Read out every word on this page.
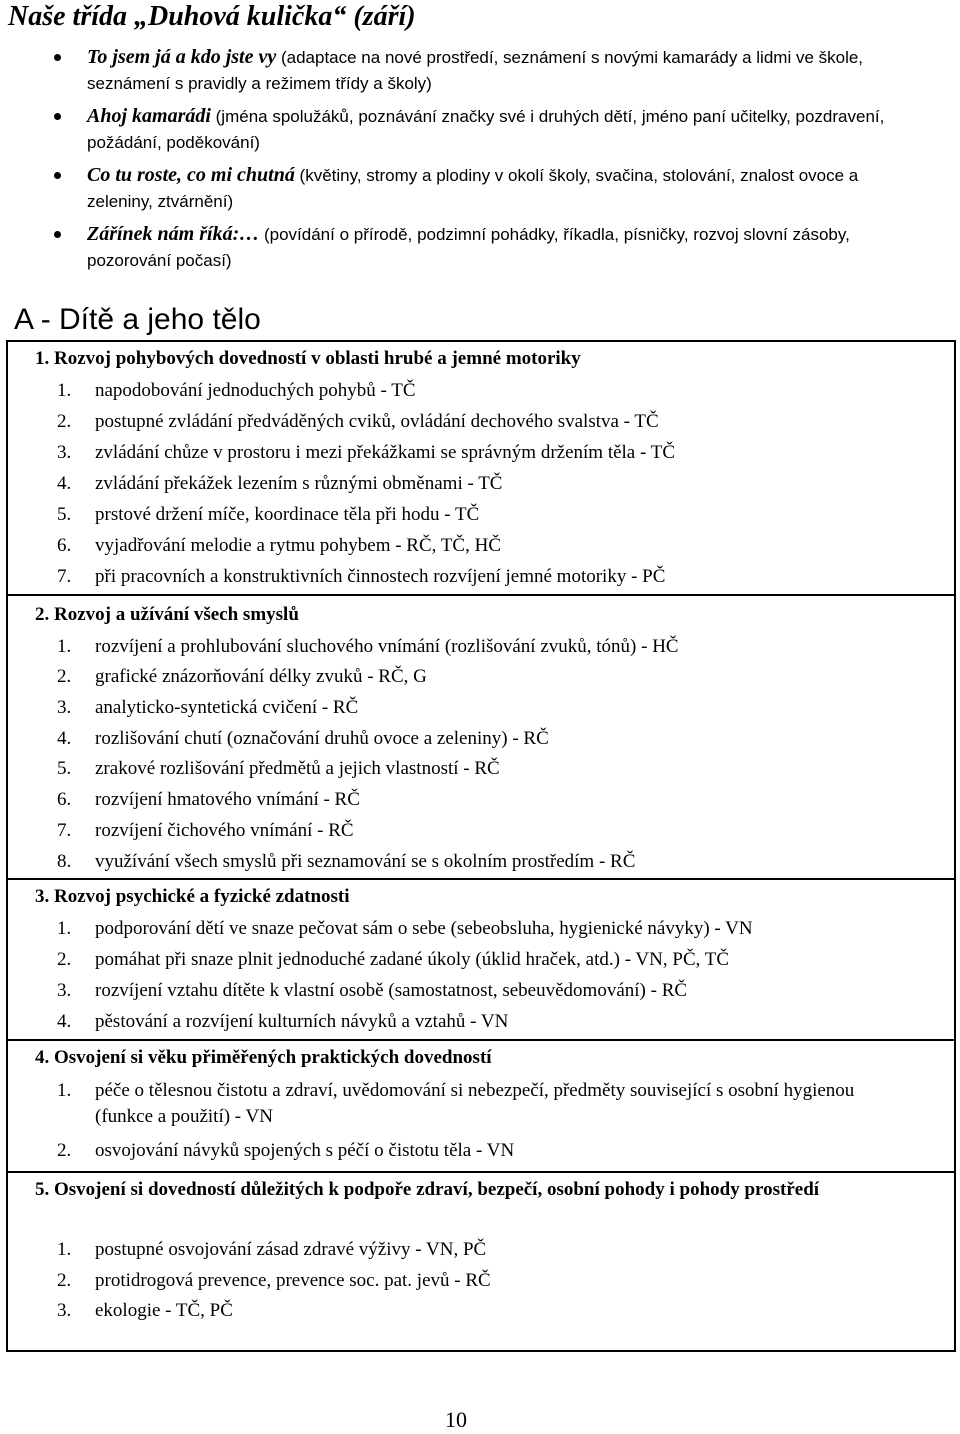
Naše třída „Duhová kulička“ (září)
To jsem já a kdo jste vy (adaptace na nové prostředí, seznámení s novými kamarády a lidmi ve škole, seznámení s pravidly a režimem třídy a školy)
Ahoj kamarádi (jména spolužáků, poznávání značky své i druhých dětí, jméno paní učitelky, pozdravení, požádání, poděkování)
Co tu roste, co mi chutná (květiny, stromy a plodiny v okolí školy, svačina, stolování, znalost ovoce a zeleniny, ztvárnění)
Zářínek nám říká:… (povídání o přírodě, podzimní pohádky, říkadla, písničky, rozvoj slovní zásoby, pozorování počasí)
A - Dítě a jeho tělo
1. Rozvoj pohybových dovedností v oblasti hrubé a jemné motoriky
1. napodobování jednoduchých pohybů - TČ
2. postupné zvládání předváděných cviků, ovládání dechového svalstva - TČ
3. zvládání chůze v prostoru i mezi překážkami se správným držením těla - TČ
4. zvládání překážek lezením s různými obměnami - TČ
5. prstové držení míče, koordinace těla při hodu - TČ
6. vyjadřování melodie a rytmu pohybem - RČ, TČ, HČ
7. při pracovních a konstruktivních činnostech rozvíjení jemné motoriky - PČ
2. Rozvoj a užívání všech smyslů
1. rozvíjení a prohlubování sluchového vnímání (rozlišování zvuků, tónů) - HČ
2. grafické znázorňování délky zvuků - RČ, G
3. analyticko-syntetická cvičení - RČ
4. rozlišování chutí (označování druhů ovoce a zeleniny) - RČ
5. zrakové rozlišování předmětů a jejich vlastností - RČ
6. rozvíjení hmatového vnímání - RČ
7. rozvíjení čichového vnímání - RČ
8. využívání všech smyslů při seznamování se s okolním prostředím - RČ
3. Rozvoj psychické a fyzické zdatnosti
1. podporování dětí ve snaze pečovat sám o sebe (sebeobsluha, hygienické návyky) - VN
2. pomáhat při snaze plnit jednoduché zadané úkoly (úklid hraček, atd.) - VN, PČ, TČ
3. rozvíjení vztahu dítěte k vlastní osobě (samostatnost, sebeuvědomování) - RČ
4. pěstování a rozvíjení kulturních návyků a vztahů - VN
4. Osvojení si věku přiměřených praktických dovedností
1. péče o tělesnou čistotu a zdraví, uvědomování si nebezpečí, předměty související s osobní hygienou (funkce a použití) - VN
2. osvojování návyků spojených s péčí o čistotu těla - VN
5. Osvojení si dovedností důležitých k podpoře zdraví, bezpečí, osobní pohody i pohody prostředí
1. postupné osvojování zásad zdravé výživy - VN, PČ
2. protidrogová prevence, prevence soc. pat. jevů - RČ
3. ekologie - TČ, PČ
10
